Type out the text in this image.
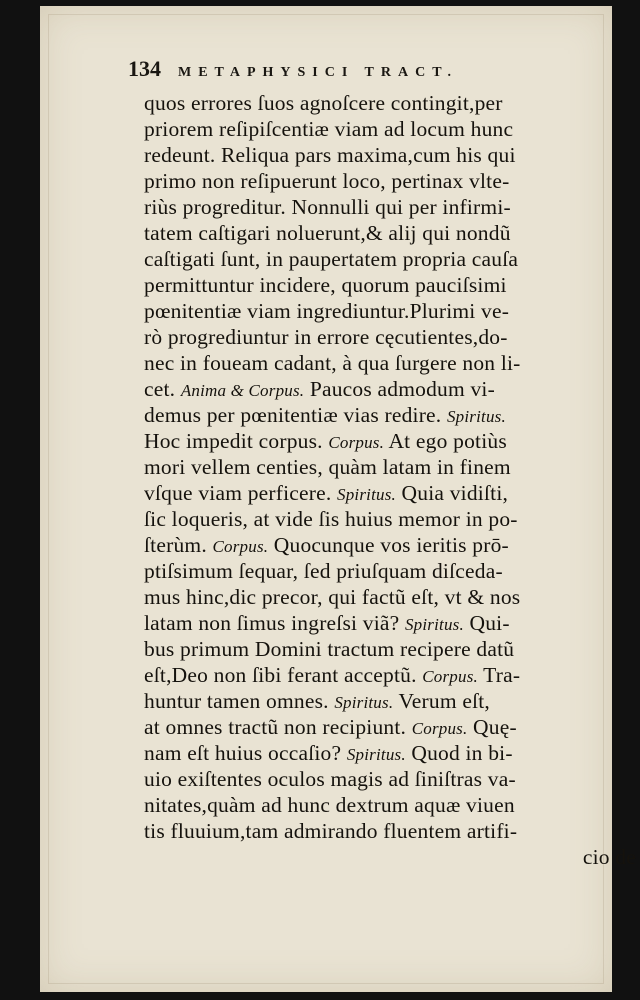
134	METAPHYSICI TRACT.
quos errores ſuos agnoſcere contingit,per
priorem reſipiſcentiæ viam ad locum hunc
redeunt. Reliqua pars maxima,cum his qui
primo non reſipuerunt loco, pertinax vlte-
riùs progreditur. Nonnulli qui per infirmi-
tatem caſtigari noluerunt,& alij qui nondũ
caſtigati ſunt, in paupertatem propria cauſa
permittuntur incidere, quorum pauciſsimi
pœnitentiæ viam ingrediuntur.Plurimi ve-
rò progrediuntur in errore cęcutientes,do-
nec in foueam cadant, à qua ſurgere non li-
cet. Anima & Corpus. Paucos admodum vi-
demus per pœnitentiæ vias redire. Spiritus.
Hoc impedit corpus. Corpus. At ego potiùs
mori vellem centies, quàm latam in finem
vſque viam perficere. Spiritus. Quia vidiſti,
ſic loqueris, at vide ſis huius memor in po-
ſterùm. Corpus. Quocunque vos ieritis prō-
ptiſsimum ſequar, ſed priuſquam diſceda-
mus hinc,dic precor, qui factũ eſt, vt & nos
latam non ſimus ingreſsi viã? Spiritus. Qui-
bus primum Domini tractum recipere datũ
eſt,Deo non ſibi ferant acceptũ. Corpus. Tra-
huntur tamen omnes. Spiritus. Verum eſt,
at omnes tractũ non recipiunt. Corpus. Quę-
nam eſt huius occaſio? Spiritus. Quod in bi-
uio exiſtentes oculos magis ad ſiniſtras va-
nitates,quàm ad hunc dextrum aquæ viuen
tis fluuium,tam admirando fluentem artifi-
cio de
